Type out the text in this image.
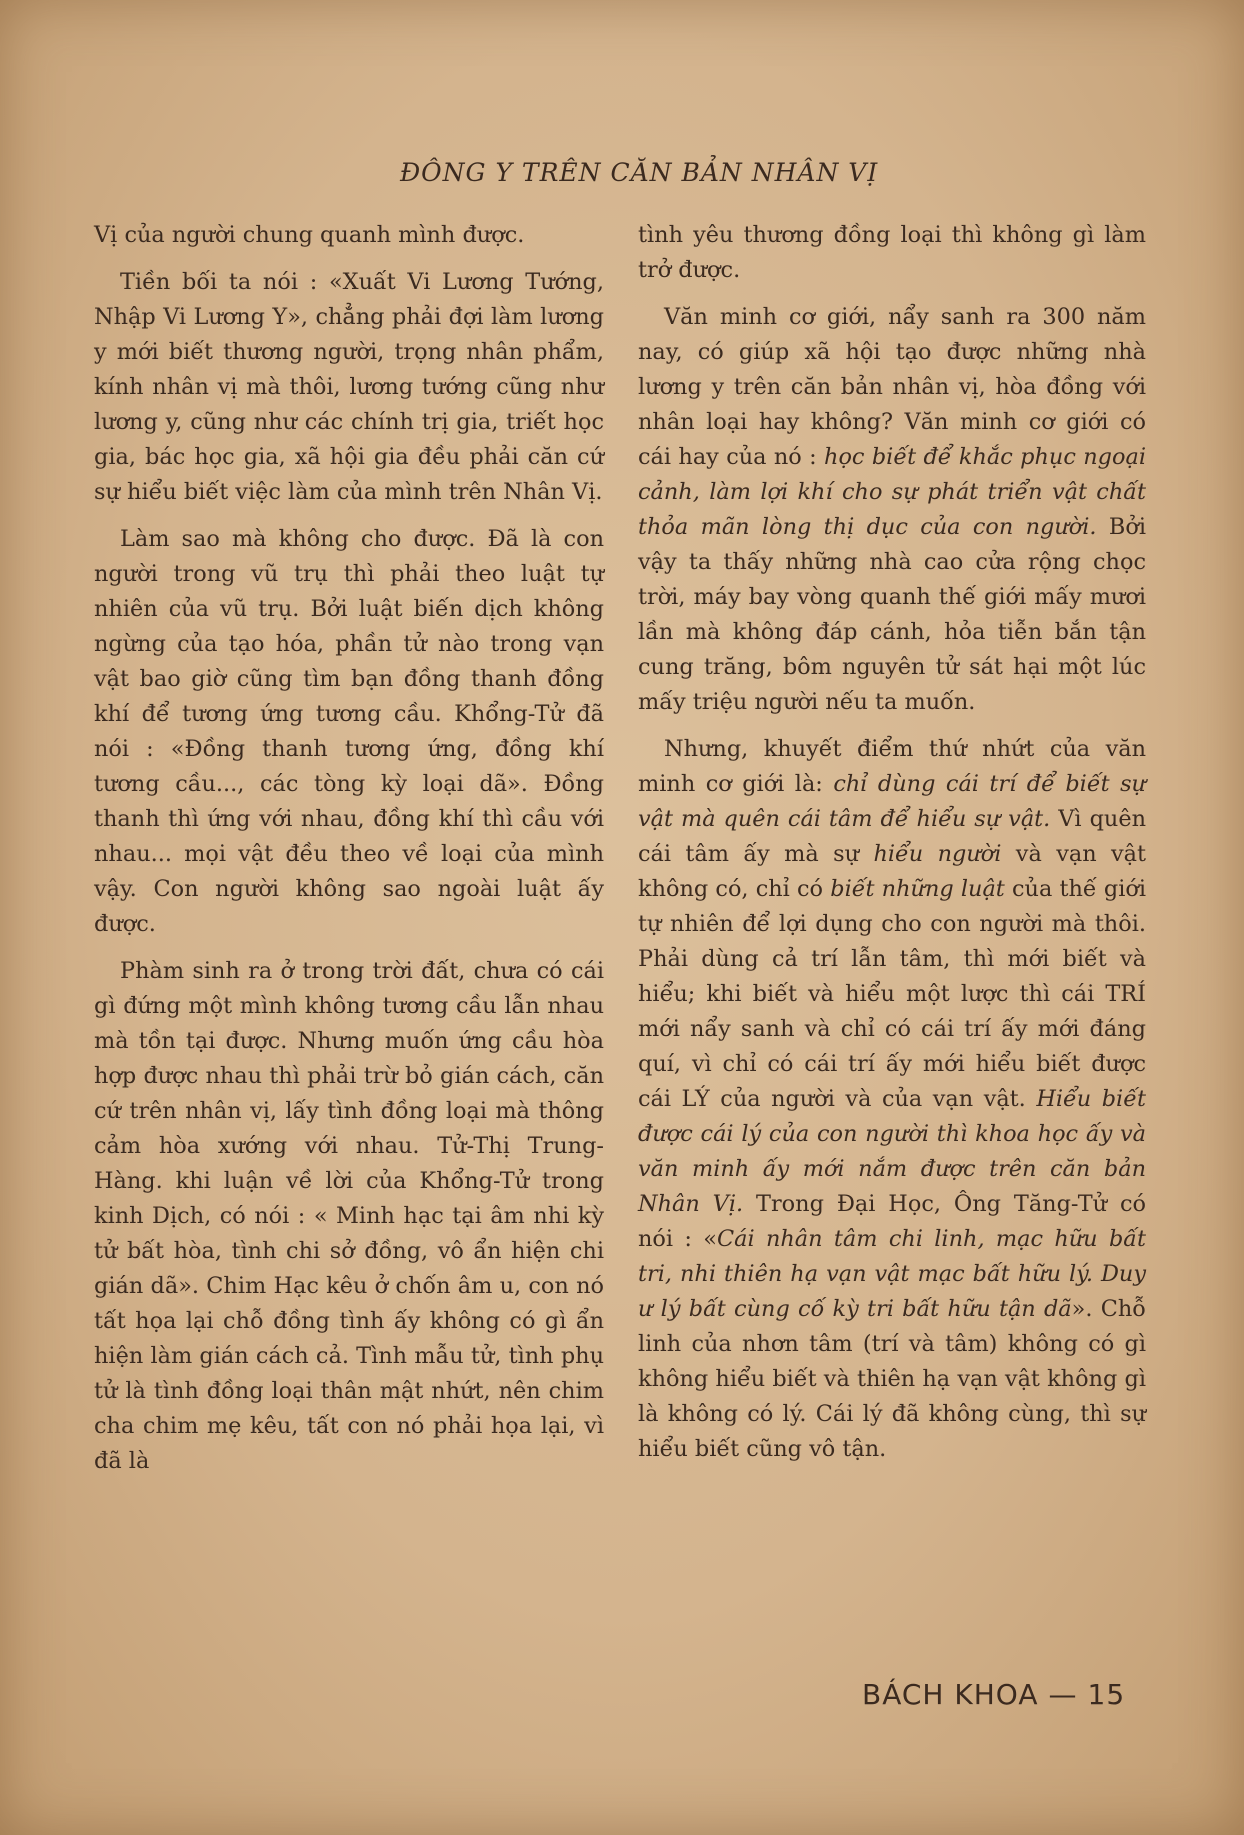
ĐÔNG Y TRÊN CĂN BẢN NHÂN VỊ

Vị của người chung quanh mình được.

Tiền bối ta nói : «Xuất Vi Lương Tướng, Nhập Vi Lương Y», chẳng phải đợi làm lương y mới biết thương người, trọng nhân phẩm, kính nhân vị mà thôi, lương tướng cũng như lương y, cũng như các chính trị gia, triết học gia, bác học gia, xã hội gia đều phải căn cứ sự hiểu biết việc làm của mình trên Nhân Vị.

Làm sao mà không cho được. Đã là con người trong vũ trụ thì phải theo luật tự nhiên của vũ trụ. Bởi luật biến dịch không ngừng của tạo hóa, phần tử nào trong vạn vật bao giờ cũng tìm bạn đồng thanh đồng khí để tương ứng tương cầu. Khổng-Tử đã nói : «Đồng thanh tương ứng, đồng khí tương cầu..., các tòng kỳ loại dã». Đồng thanh thì ứng với nhau, đồng khí thì cầu với nhau... mọi vật đều theo về loại của mình vậy. Con người không sao ngoài luật ấy được.

Phàm sinh ra ở trong trời đất, chưa có cái gì đứng một mình không tương cầu lẫn nhau mà tồn tại được. Nhưng muốn ứng cầu hòa hợp được nhau thì phải trừ bỏ gián cách, căn cứ trên nhân vị, lấy tình đồng loại mà thông cảm hòa xướng với nhau. Tử-Thị Trung-Hàng. khi luận về lời của Khổng-Tử trong kinh Dịch, có nói : « Minh hạc tại âm nhi kỳ tử bất hòa, tình chi sở đồng, vô ẩn hiện chi gián dã». Chim Hạc kêu ở chốn âm u, con nó tất họa lại chỗ đồng tình ấy không có gì ẩn hiện làm gián cách cả. Tình mẫu tử, tình phụ tử là tình đồng loại thân mật nhứt, nên chim cha chim mẹ kêu, tất con nó phải họa lại, vì đã là

tình yêu thương đồng loại thì không gì làm trở được.

Văn minh cơ giới, nẩy sanh ra 300 năm nay, có giúp xã hội tạo được những nhà lương y trên căn bản nhân vị, hòa đồng với nhân loại hay không? Văn minh cơ giới có cái hay của nó : học biết để khắc phục ngoại cảnh, làm lợi khí cho sự phát triển vật chất thỏa mãn lòng thị dục của con người. Bởi vậy ta thấy những nhà cao cửa rộng chọc trời, máy bay vòng quanh thế giới mấy mươi lần mà không đáp cánh, hỏa tiễn bắn tận cung trăng, bôm nguyên tử sát hại một lúc mấy triệu người nếu ta muốn.

Nhưng, khuyết điểm thứ nhứt của văn minh cơ giới là: chỉ dùng cái trí để biết sự vật mà quên cái tâm để hiểu sự vật. Vì quên cái tâm ấy mà sự hiểu người và vạn vật không có, chỉ có biết những luật của thế giới tự nhiên để lợi dụng cho con người mà thôi. Phải dùng cả trí lẫn tâm, thì mới biết và hiểu; khi biết và hiểu một lược thì cái TRÍ mới nẩy sanh và chỉ có cái trí ấy mới đáng quí, vì chỉ có cái trí ấy mới hiểu biết được cái LÝ của người và của vạn vật. Hiểu biết được cái lý của con người thì khoa học ấy và văn minh ấy mới nắm được trên căn bản Nhân Vị. Trong Đại Học, Ông Tăng-Tử có nói : «Cái nhân tâm chi linh, mạc hữu bất tri, nhi thiên hạ vạn vật mạc bất hữu lý. Duy ư lý bất cùng cố kỳ tri bất hữu tận dã». Chỗ linh của nhơn tâm (trí và tâm) không có gì không hiểu biết và thiên hạ vạn vật không gì là không có lý. Cái lý đã không cùng, thì sự hiểu biết cũng vô tận.

BÁCH KHOA — 15
